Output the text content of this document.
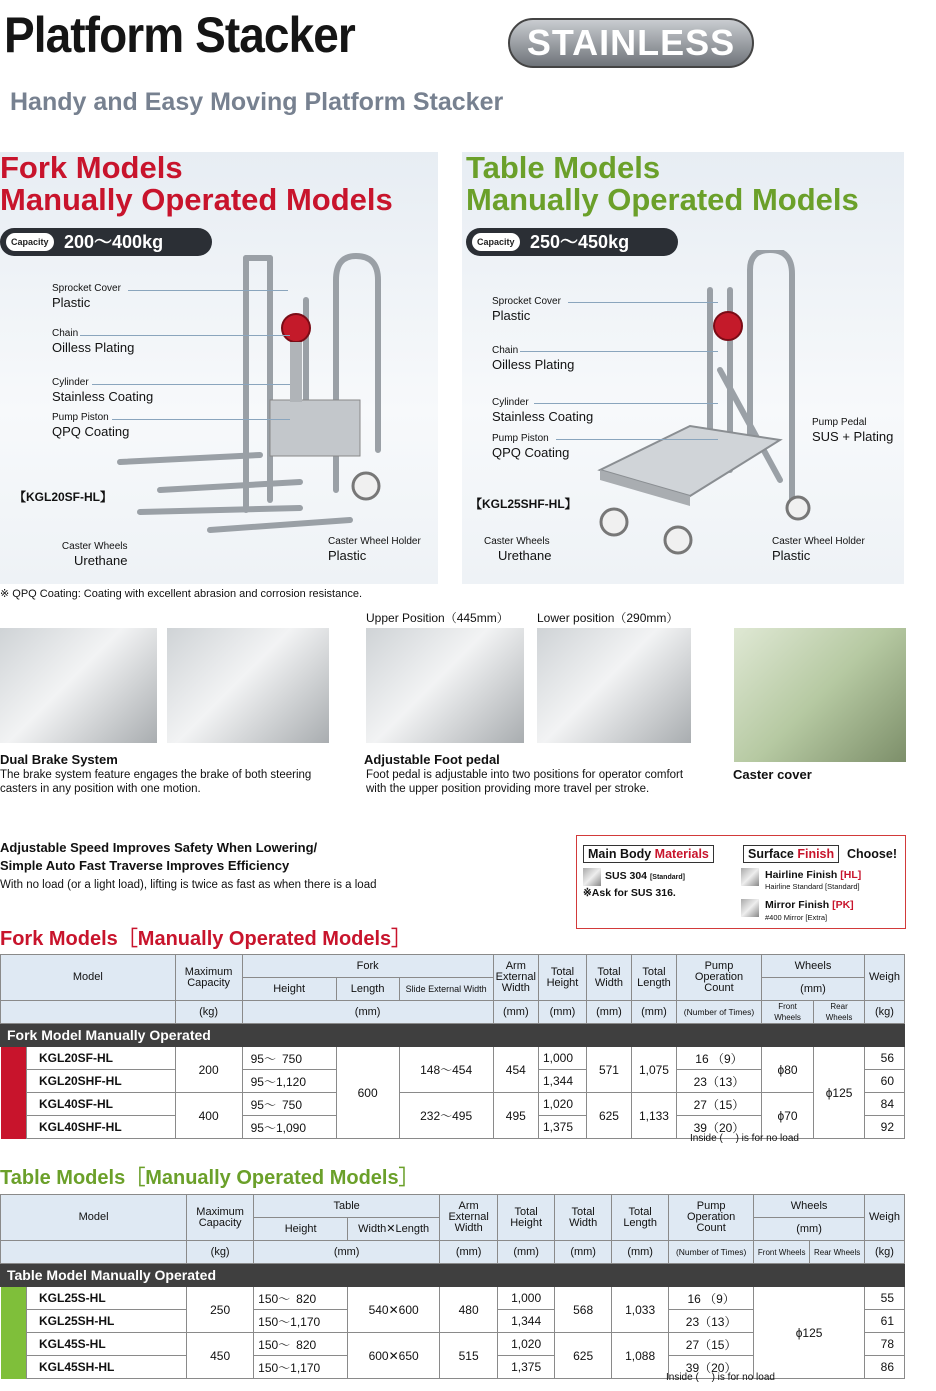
Platform Stacker	STAINLESS
Handy and Easy Moving Platform Stacker
Fork Models
Manually Operated Models
Capacity 200～400kg
Sprocket Cover
Plastic
Chain
Oilless Plating
Cylinder
Stainless Coating
Pump Piston
QPQ Coating
【KGL20SF-HL】
Caster Wheels
Urethane
Caster Wheel Holder
Plastic
Table Models
Manually Operated Models
Capacity 250～450kg
Sprocket Cover
Plastic
Chain
Oilless Plating
Cylinder
Stainless Coating
Pump Piston
QPQ Coating
Pump Pedal
SUS + Plating
【KGL25SHF-HL】
Caster Wheels
Urethane
Caster Wheel Holder
Plastic
※ QPQ Coating: Coating with excellent abrasion and corrosion resistance.
Upper Position（445mm） Lower position（290mm）
Dual Brake System
The brake system feature engages the brake of both steering casters in any position with one motion.
Adjustable Foot pedal
Foot pedal is adjustable into two positions for operator comfort with the upper position providing more travel per stroke.
Caster cover
Adjustable Speed Improves Safety When Lowering/
Simple Auto Fast Traverse Improves Efficiency
With no load (or a light load), lifting is twice as fast as when there is a load
Main Body Materials	Surface Finish	Choose!
SUS 304 [Standard]
※Ask for SUS 316.
Hairline Finish [HL]
Hairline Standard [Standard]
Mirror Finish [PK]
#400 Mirror [Extra]
Fork Models［Manually Operated Models］
Model		Maximum Capacity	Fork			Arm External Width	Total Height	Total Width	Total Length	Pump Operation Count	Wheels		Weigh
			Height	Length	Slide External Width						(mm)		
		(kg)	(mm)			(mm)	(mm)	(mm)	(mm)	(Number of Times)	Front Wheels	Rear Wheels	(kg)
Fork Model Manually Operated													
	KGL20SF-HL	200	95～ 750	600	148～454	454	1,000	571	1,075	16 （9）	ϕ80	ϕ125	56
	KGL20SHF-HL		95～1,120				1,344			23（13）			60
	KGL40SF-HL	400	95～ 750		232～495	495	1,020	625	1,133	27（15）	ϕ70		84
	KGL40SHF-HL		95～1,090				1,375			39（20）			92
Inside (  ) is for no load
Table Models［Manually Operated Models］
Model		Maximum Capacity	Table		Arm External Width	Total Height	Total Width	Total Length	Pump Operation Count	Wheels		Weigh
			Height	Width✕Length						(mm)		
		(kg)	(mm)		(mm)	(mm)	(mm)	(mm)	(Number of Times)	Front Wheels	Rear Wheels	(kg)
Table Model Manually Operated												
	KGL25S-HL	250	150～ 820	540✕600	480	1,000	568	1,033	16 （9）	ϕ125		55
	KGL25SH-HL		150～1,170			1,344			23（13）			61
	KGL45S-HL	450	150～ 820	600✕650	515	1,020	625	1,088	27（15）			78
	KGL45SH-HL		150～1,170			1,375			39（20）			86
Inside (  ) is for no load
